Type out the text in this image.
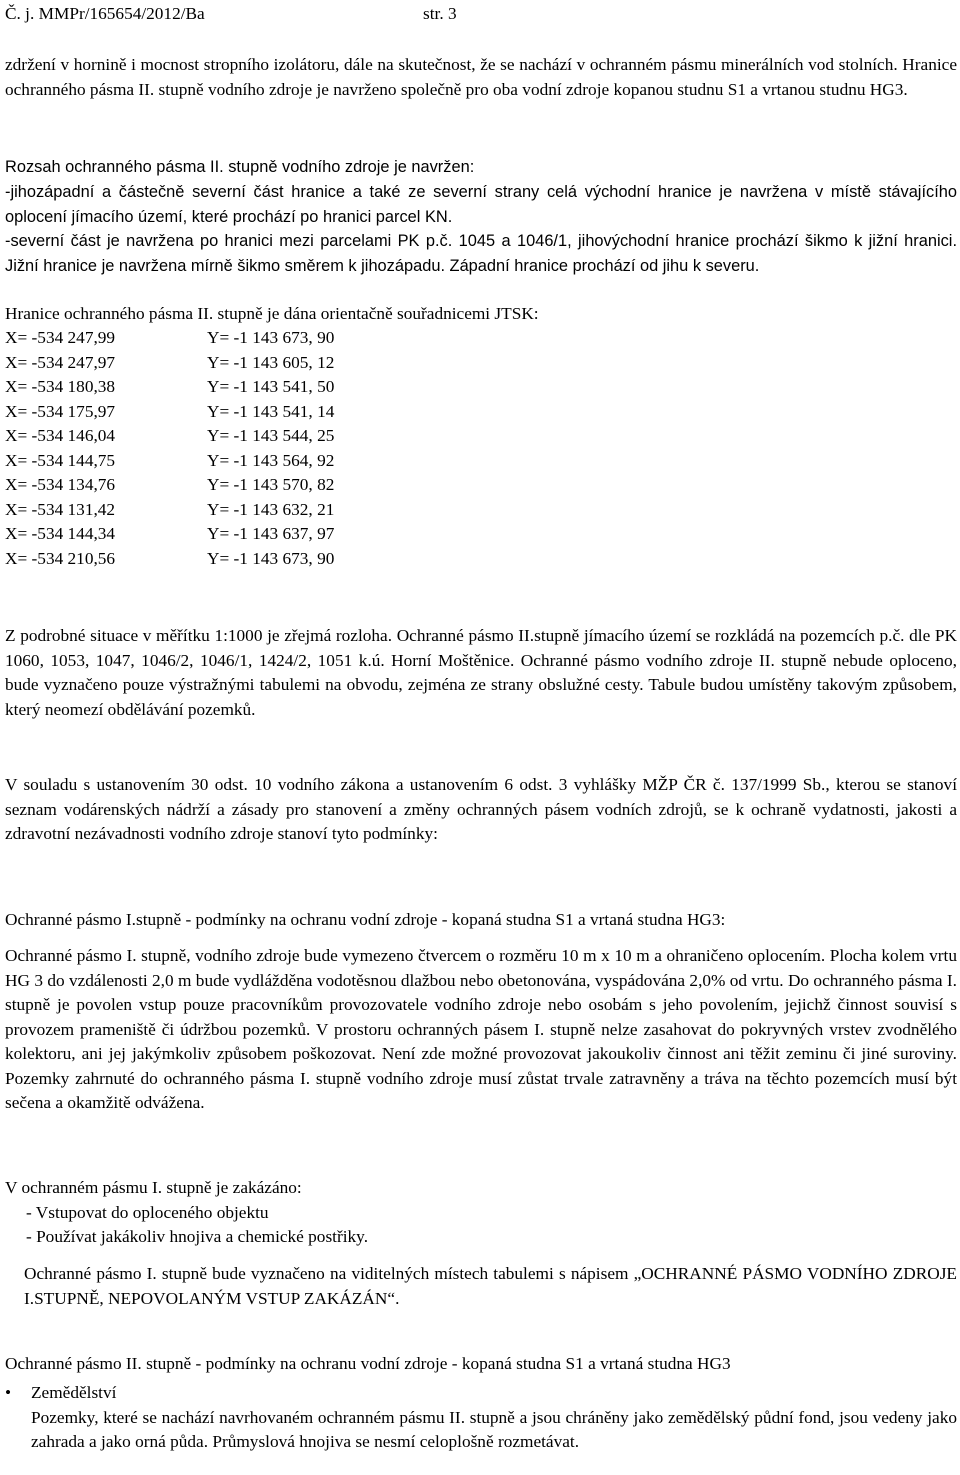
Č. j. MMPr/165654/2012/Ba	str. 3
zdržení v hornině i mocnost stropního izolátoru, dále na skutečnost, že se nachází v ochranném pásmu minerálních vod stolních. Hranice ochranného pásma II. stupně vodního zdroje je navrženo společně pro oba vodní zdroje kopanou studnu S1 a vrtanou studnu HG3.
Rozsah ochranného pásma II. stupně vodního zdroje je navržen:
-jihozápadní a částečně severní část hranice a také ze severní strany celá východní hranice je navržena v místě stávajícího oplocení jímacího území, které prochází po hranici parcel KN.
-severní část je navržena po hranici mezi parcelami PK p.č. 1045 a 1046/1, jihovýchodní hranice prochází šikmo k jižní hranici. Jižní hranice je navržena mírně šikmo směrem k jihozápadu. Západní hranice prochází od jihu k severu.
Hranice ochranného pásma II. stupně je dána orientačně souřadnicemi JTSK:
X= -534 247,99	Y= -1 143 673, 90
X= -534 247,97	Y= -1 143 605, 12
X= -534 180,38	Y= -1 143 541, 50
X= -534 175,97	Y= -1 143 541, 14
X= -534 146,04	Y= -1 143 544, 25
X= -534 144,75	Y= -1 143 564, 92
X= -534 134,76	Y= -1 143 570, 82
X= -534 131,42	Y= -1 143 632, 21
X= -534 144,34	Y= -1 143 637, 97
X= -534 210,56	Y= -1 143 673, 90
Z podrobné situace v měřítku 1:1000 je zřejmá rozloha. Ochranné pásmo II.stupně jímacího území se rozkládá na pozemcích p.č. dle PK 1060, 1053, 1047, 1046/2, 1046/1, 1424/2, 1051 k.ú. Horní Moštěnice. Ochranné pásmo vodního zdroje II. stupně nebude oploceno, bude vyznačeno pouze výstražnými tabulemi na obvodu, zejména ze strany obslužné cesty. Tabule budou umístěny takovým způsobem, který neomezí obdělávání pozemků.
V souladu s ustanovením 30 odst. 10 vodního zákona a ustanovením 6 odst. 3 vyhlášky MŽP ČR č. 137/1999 Sb., kterou se stanoví seznam vodárenských nádrží a zásady pro stanovení a změny ochranných pásem vodních zdrojů, se k ochraně vydatnosti, jakosti a zdravotní nezávadnosti vodního zdroje stanoví tyto podmínky:
Ochranné pásmo I.stupně - podmínky na ochranu vodní zdroje - kopaná studna S1 a vrtaná studna HG3:
Ochranné pásmo I. stupně, vodního zdroje bude vymezeno čtvercem o rozměru 10 m x 10 m a ohraničeno oplocením. Plocha kolem vrtu HG 3 do vzdálenosti 2,0 m bude vydlážděna vodotěsnou dlažbou nebo obetonována, vyspádována 2,0% od vrtu. Do ochranného pásma I. stupně je povolen vstup pouze pracovníkům provozovatele vodního zdroje nebo osobám s jeho povolením, jejichž činnost souvisí s provozem prameniště či údržbou pozemků. V prostoru ochranných pásem I. stupně nelze zasahovat do pokryvných vrstev zvodnělého kolektoru, ani jej jakýmkoliv způsobem poškozovat. Není zde možné provozovat jakoukoliv činnost ani těžit zeminu či jiné suroviny. Pozemky zahrnuté do ochranného pásma I. stupně vodního zdroje musí zůstat trvale zatravněny a tráva na těchto pozemcích musí být sečena a okamžitě odvážena.
V ochranném pásmu I. stupně je zakázáno:
- Vstupovat do oploceného objektu
- Používat jakákoliv hnojiva a chemické postřiky.
Ochranné pásmo I. stupně bude vyznačeno na viditelných místech tabulemi s nápisem „OCHRANNÉ PÁSMO VODNÍHO ZDROJE I.STUPNĚ, NEPOVOLANÝM VSTUP ZAKÁZÁN“.
Ochranné pásmo II. stupně - podmínky na ochranu vodní zdroje - kopaná studna S1 a vrtaná studna HG3
• Zemědělství
Pozemky, které se nachází navrhovaném ochranném pásmu II. stupně a jsou chráněny jako zemědělský půdní fond, jsou vedeny jako zahrada a jako orná půda. Průmyslová hnojiva se nesmí celoplošně rozmetávat.
